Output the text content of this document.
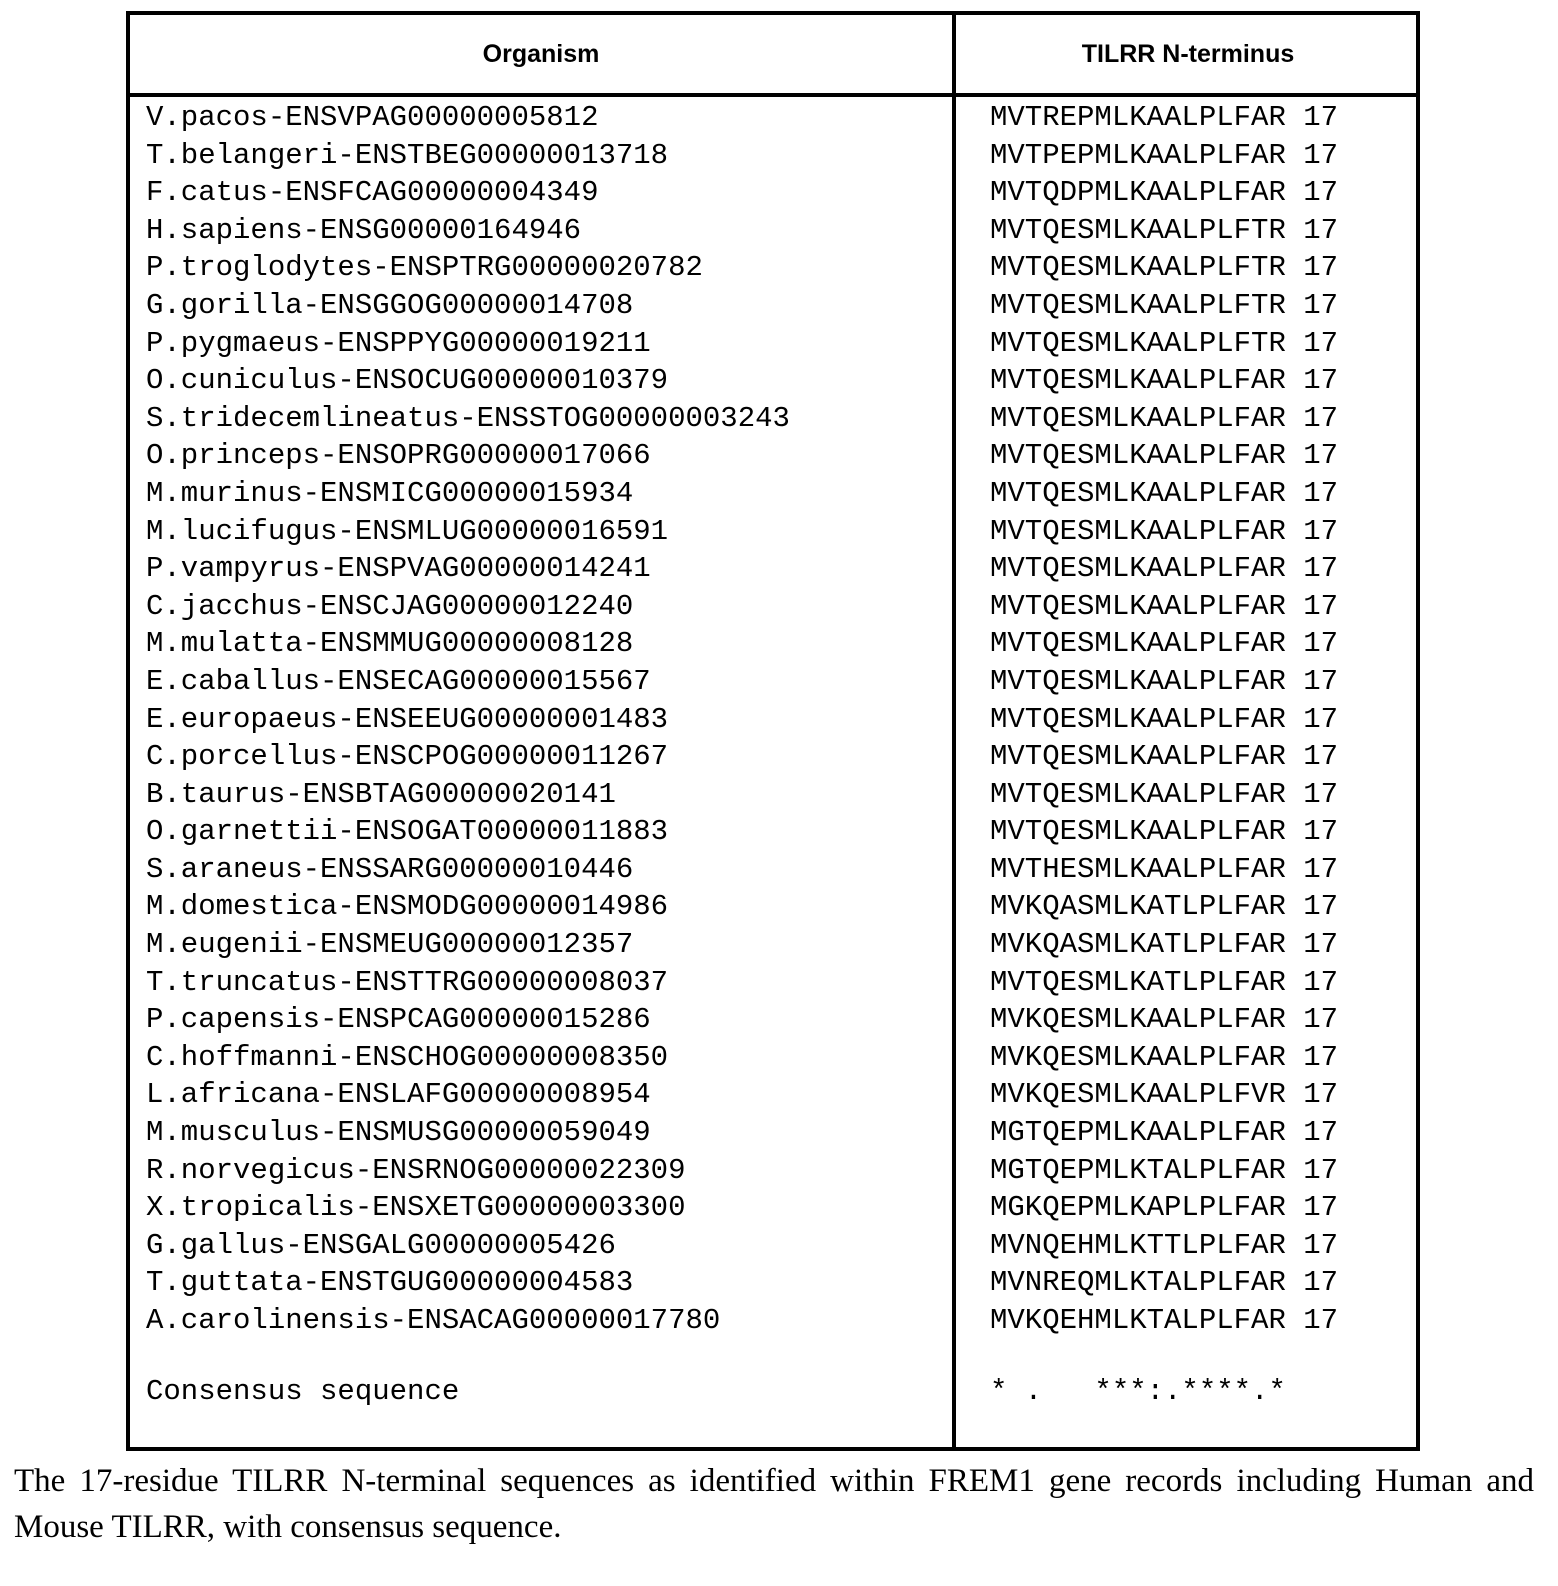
Organism	TILRR N-terminus
V.pacos-ENSVPAG00000005812
T.belangeri-ENSTBEG00000013718
F.catus-ENSFCAG00000004349
H.sapiens-ENSG00000164946
P.troglodytes-ENSPTRG00000020782
G.gorilla-ENSGGOG00000014708
P.pygmaeus-ENSPPYG00000019211
O.cuniculus-ENSOCUG00000010379
S.tridecemlineatus-ENSSTOG00000003243
O.princeps-ENSOPRG00000017066
M.murinus-ENSMICG00000015934
M.lucifugus-ENSMLUG00000016591
P.vampyrus-ENSPVAG00000014241
C.jacchus-ENSCJAG00000012240
M.mulatta-ENSMMUG00000008128
E.caballus-ENSECAG00000015567
E.europaeus-ENSEEUG00000001483
C.porcellus-ENSCPOG00000011267
B.taurus-ENSBTAG00000020141
O.garnettii-ENSOGAT00000011883
S.araneus-ENSSARG00000010446
M.domestica-ENSMODG00000014986
M.eugenii-ENSMEUG00000012357
T.truncatus-ENSTTRG00000008037
P.capensis-ENSPCAG00000015286
C.hoffmanni-ENSCHOG00000008350
L.africana-ENSLAFG00000008954
M.musculus-ENSMUSG00000059049
R.norvegicus-ENSRNOG00000022309
X.tropicalis-ENSXETG00000003300
G.gallus-ENSGALG00000005426
T.guttata-ENSTGUG00000004583
A.carolinensis-ENSACAG00000017780
MVTREPMLKAALPLFAR 17
MVTPEPMLKAALPLFAR 17
MVTQDPMLKAALPLFAR 17
MVTQESMLKAALPLFTR 17
MVTQESMLKAALPLFTR 17
MVTQESMLKAALPLFTR 17
MVTQESMLKAALPLFTR 17
MVTQESMLKAALPLFAR 17
MVTQESMLKAALPLFAR 17
MVTQESMLKAALPLFAR 17
MVTQESMLKAALPLFAR 17
MVTQESMLKAALPLFAR 17
MVTQESMLKAALPLFAR 17
MVTQESMLKAALPLFAR 17
MVTQESMLKAALPLFAR 17
MVTQESMLKAALPLFAR 17
MVTQESMLKAALPLFAR 17
MVTQESMLKAALPLFAR 17
MVTQESMLKAALPLFAR 17
MVTQESMLKAALPLFAR 17
MVTHESMLKAALPLFAR 17
MVKQASMLKATLPLFAR 17
MVKQASMLKATLPLFAR 17
MVTQESMLKATLPLFAR 17
MVKQESMLKAALPLFAR 17
MVKQESMLKAALPLFAR 17
MVKQESMLKAALPLFVR 17
MGTQEPMLKAALPLFAR 17
MGTQEPMLKTALPLFAR 17
MGKQEPMLKAPLPLFAR 17
MVNQEHMLKTTLPLFAR 17
MVNREQMLKTALPLFAR 17
MVKQEHMLKTALPLFAR 17
Consensus sequence	* .   ***:.****.*
The 17-residue TILRR N-terminal sequences as identified within FREM1 gene records including Human and Mouse TILRR, with consensus sequence.
